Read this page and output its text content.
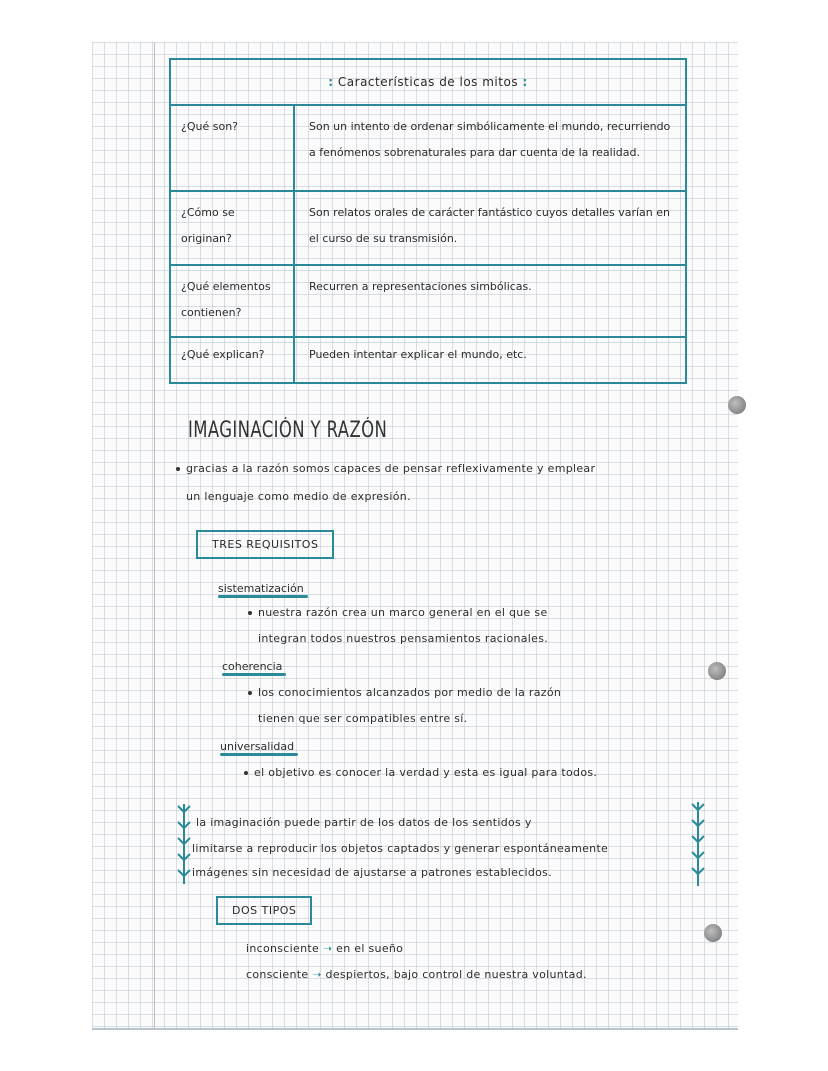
:
Características de los mitos
:
¿Qué son?	Son un intento de ordenar simbólicamente el mundo, recurriendo a fenómenos sobrenaturales para dar cuenta de la realidad.
¿Cómo se originan?
Son relatos orales de carácter fantástico cuyos detalles varían en el curso de su transmisión.
¿Qué elementos contienen?
Recurren a representaciones simbólicas.
¿Qué explican?	Pueden intentar explicar el mundo, etc.
IMAGINACIÓN Y RAZÓN
gracias a la razón somos capaces de pensar reflexivamente y emplear
un lenguaje como medio de expresión.
TRES REQUISITOS
sistematización
nuestra razón crea un marco general en el que se
integran todos nuestros pensamientos racionales.
coherencia
los conocimientos alcanzados por medio de la razón
tienen que ser compatibles entre sí.
universalidad
el objetivo es conocer la verdad y esta es igual para todos.
la imaginación puede partir de los datos de los sentidos y
limitarse a reproducir los objetos captados y generar espontáneamente
imágenes sin necesidad de ajustarse a patrones establecidos.
DOS TIPOS
inconsciente ➝ en el sueño
consciente ➝ despiertos, bajo control de nuestra voluntad.
